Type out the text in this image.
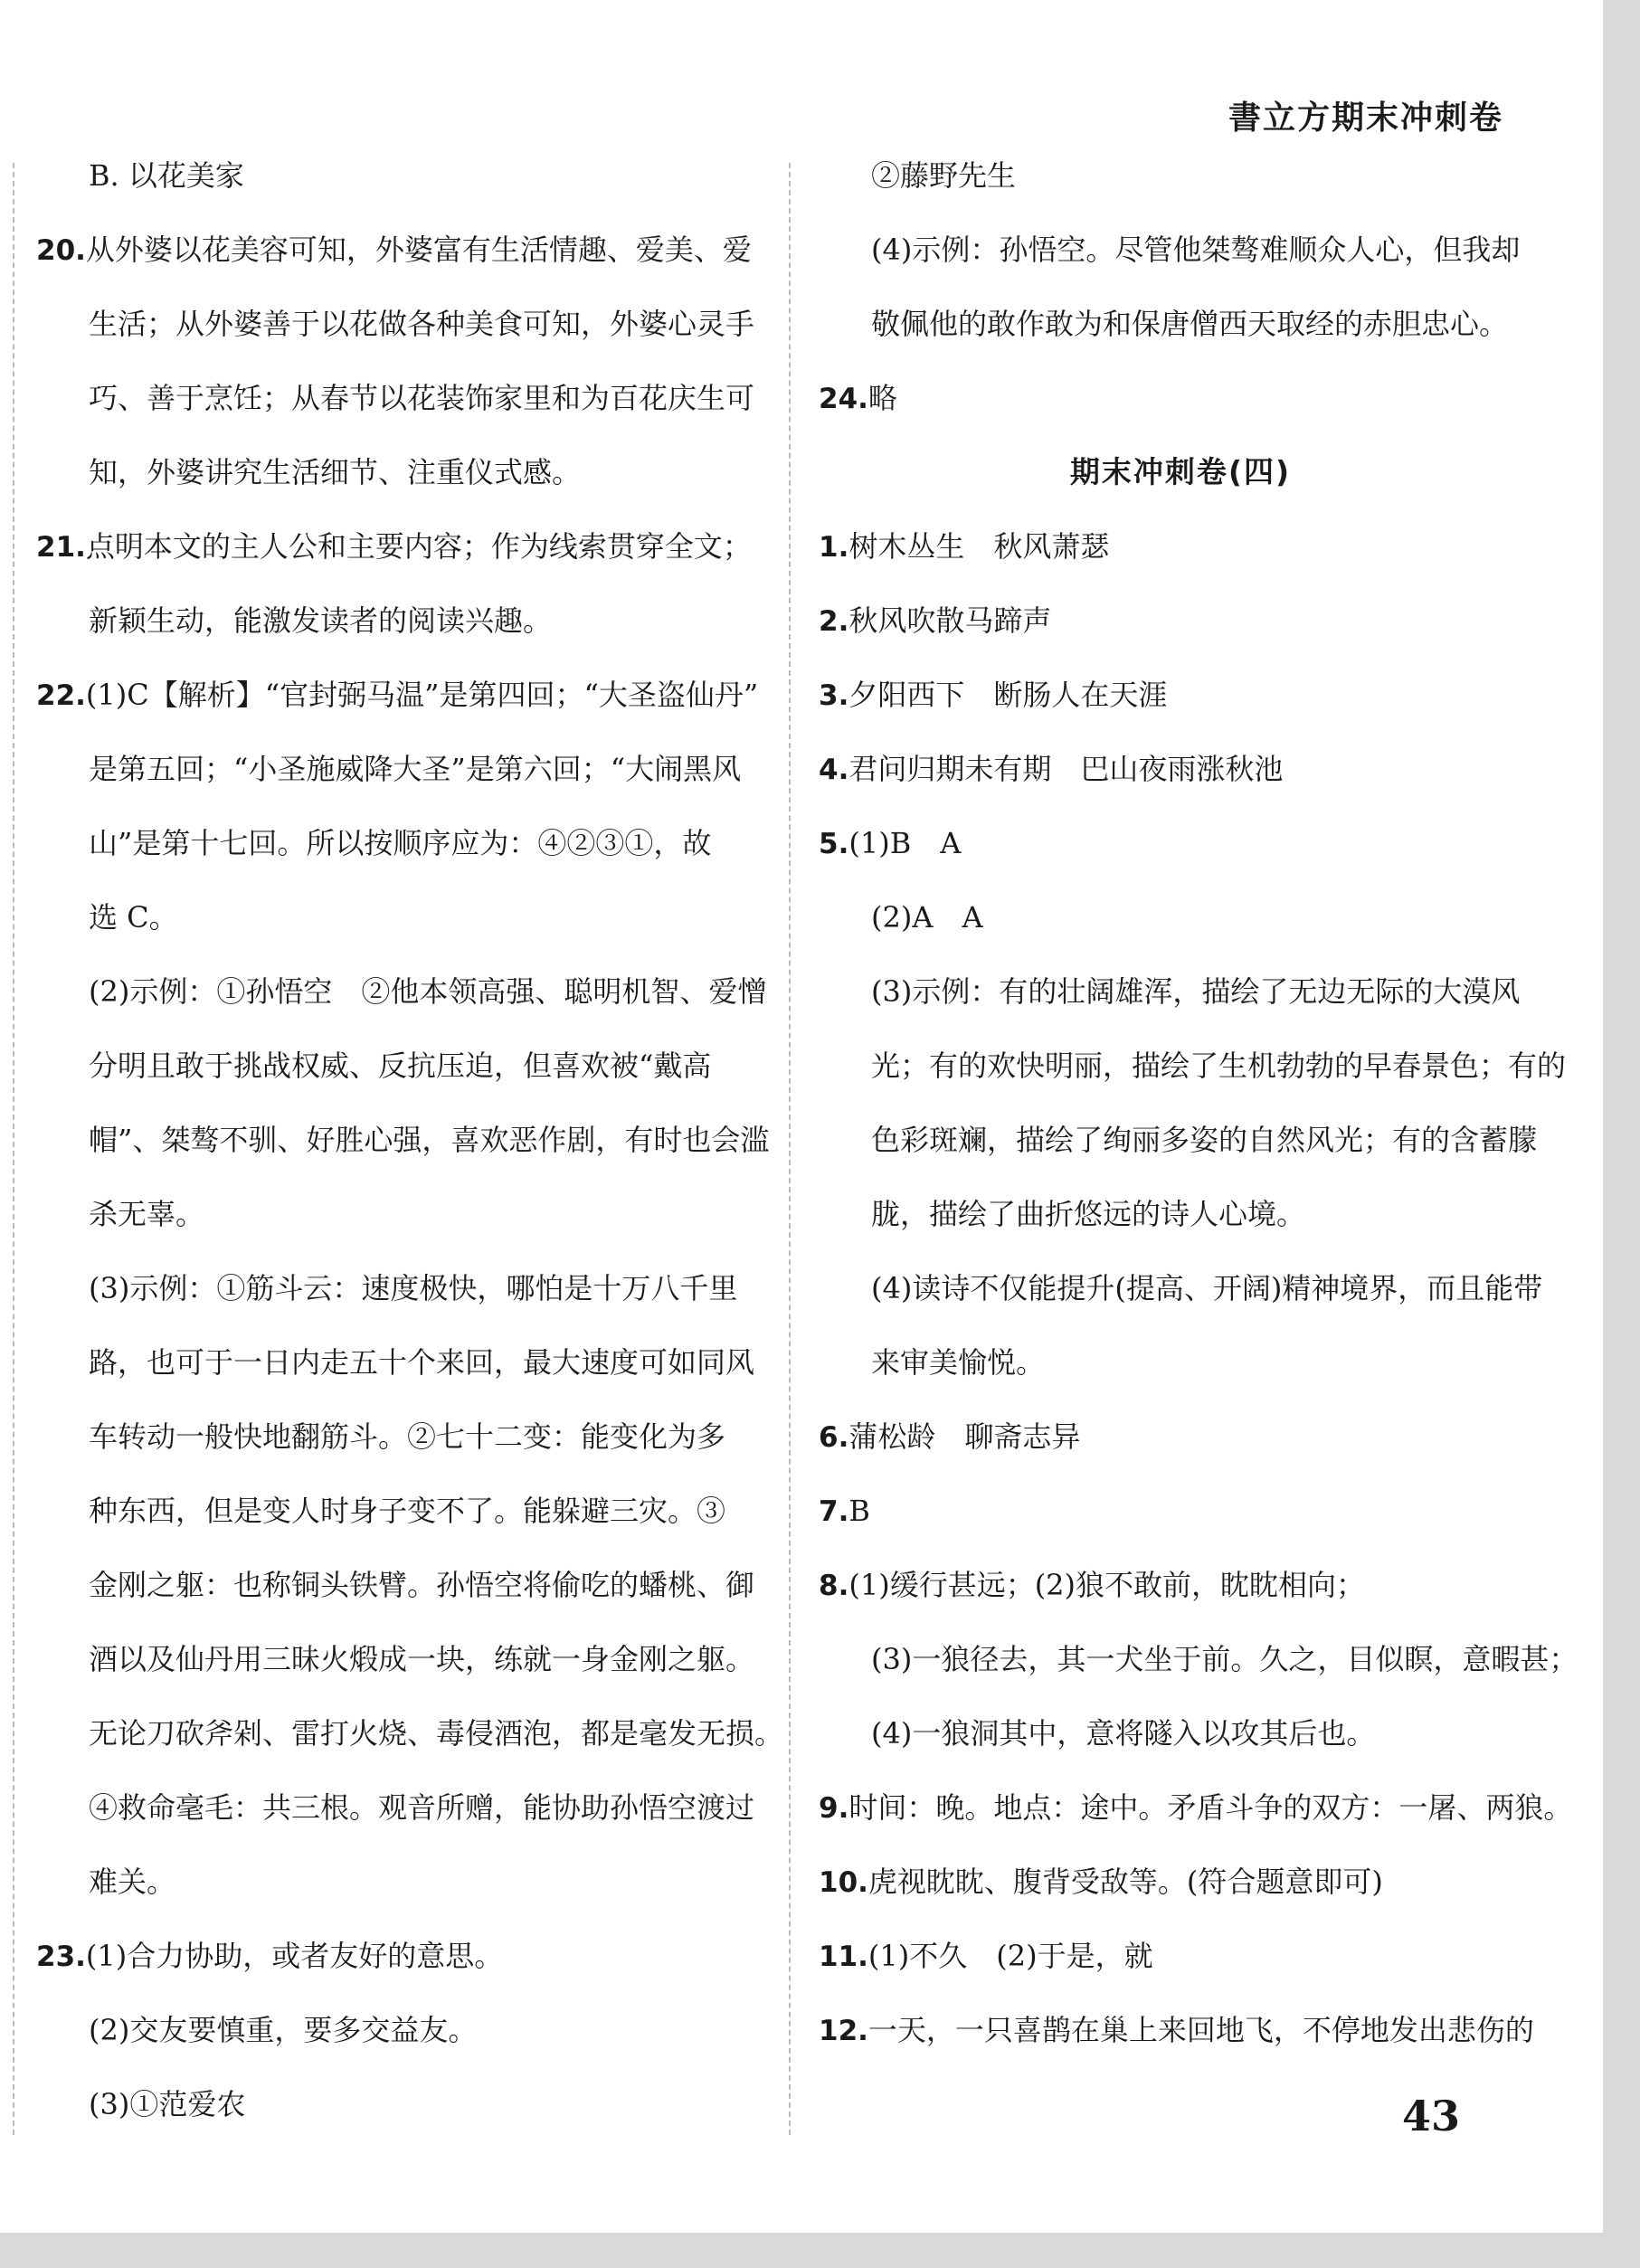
書立方期末冲刺卷
B. 以花美家
20.从外婆以花美容可知，外婆富有生活情趣、爱美、爱
生活；从外婆善于以花做各种美食可知，外婆心灵手
巧、善于烹饪；从春节以花装饰家里和为百花庆生可
知，外婆讲究生活细节、注重仪式感。
21.点明本文的主人公和主要内容；作为线索贯穿全文；
新颖生动，能激发读者的阅读兴趣。
22.(1)C【解析】“官封弼马温”是第四回；“大圣盗仙丹”
是第五回；“小圣施威降大圣”是第六回；“大闹黑风
山”是第十七回。所以按顺序应为：④②③①，故
选 C。
(2)示例：①孙悟空　②他本领高强、聪明机智、爱憎
分明且敢于挑战权威、反抗压迫，但喜欢被“戴高
帽”、桀骜不驯、好胜心强，喜欢恶作剧，有时也会滥
杀无辜。
(3)示例：①筋斗云：速度极快，哪怕是十万八千里
路，也可于一日内走五十个来回，最大速度可如同风
车转动一般快地翻筋斗。②七十二变：能变化为多
种东西，但是变人时身子变不了。能躲避三灾。③
金刚之躯：也称铜头铁臂。孙悟空将偷吃的蟠桃、御
酒以及仙丹用三昧火煅成一块，练就一身金刚之躯。
无论刀砍斧剁、雷打火烧、毒侵酒泡，都是毫发无损。
④救命毫毛：共三根。观音所赠，能协助孙悟空渡过
难关。
23.(1)合力协助，或者友好的意思。
(2)交友要慎重，要多交益友。
(3)①范爱农
②藤野先生
(4)示例：孙悟空。尽管他桀骜难顺众人心，但我却
敬佩他的敢作敢为和保唐僧西天取经的赤胆忠心。
24.略
期末冲刺卷(四)
1.树木丛生　秋风萧瑟
2.秋风吹散马蹄声
3.夕阳西下　断肠人在天涯
4.君问归期未有期　巴山夜雨涨秋池
5.(1)B　A
(2)A　A
(3)示例：有的壮阔雄浑，描绘了无边无际的大漠风
光；有的欢快明丽，描绘了生机勃勃的早春景色；有的
色彩斑斓，描绘了绚丽多姿的自然风光；有的含蓄朦
胧，描绘了曲折悠远的诗人心境。
(4)读诗不仅能提升(提高、开阔)精神境界，而且能带
来审美愉悦。
6.蒲松龄　聊斋志异
7.B
8.(1)缓行甚远；(2)狼不敢前，眈眈相向；
(3)一狼径去，其一犬坐于前。久之，目似瞑，意暇甚；
(4)一狼洞其中，意将隧入以攻其后也。
9.时间：晚。地点：途中。矛盾斗争的双方：一屠、两狼。
10.虎视眈眈、腹背受敌等。(符合题意即可)
11.(1)不久　(2)于是，就
12.一天，一只喜鹊在巢上来回地飞，不停地发出悲伤的
43
